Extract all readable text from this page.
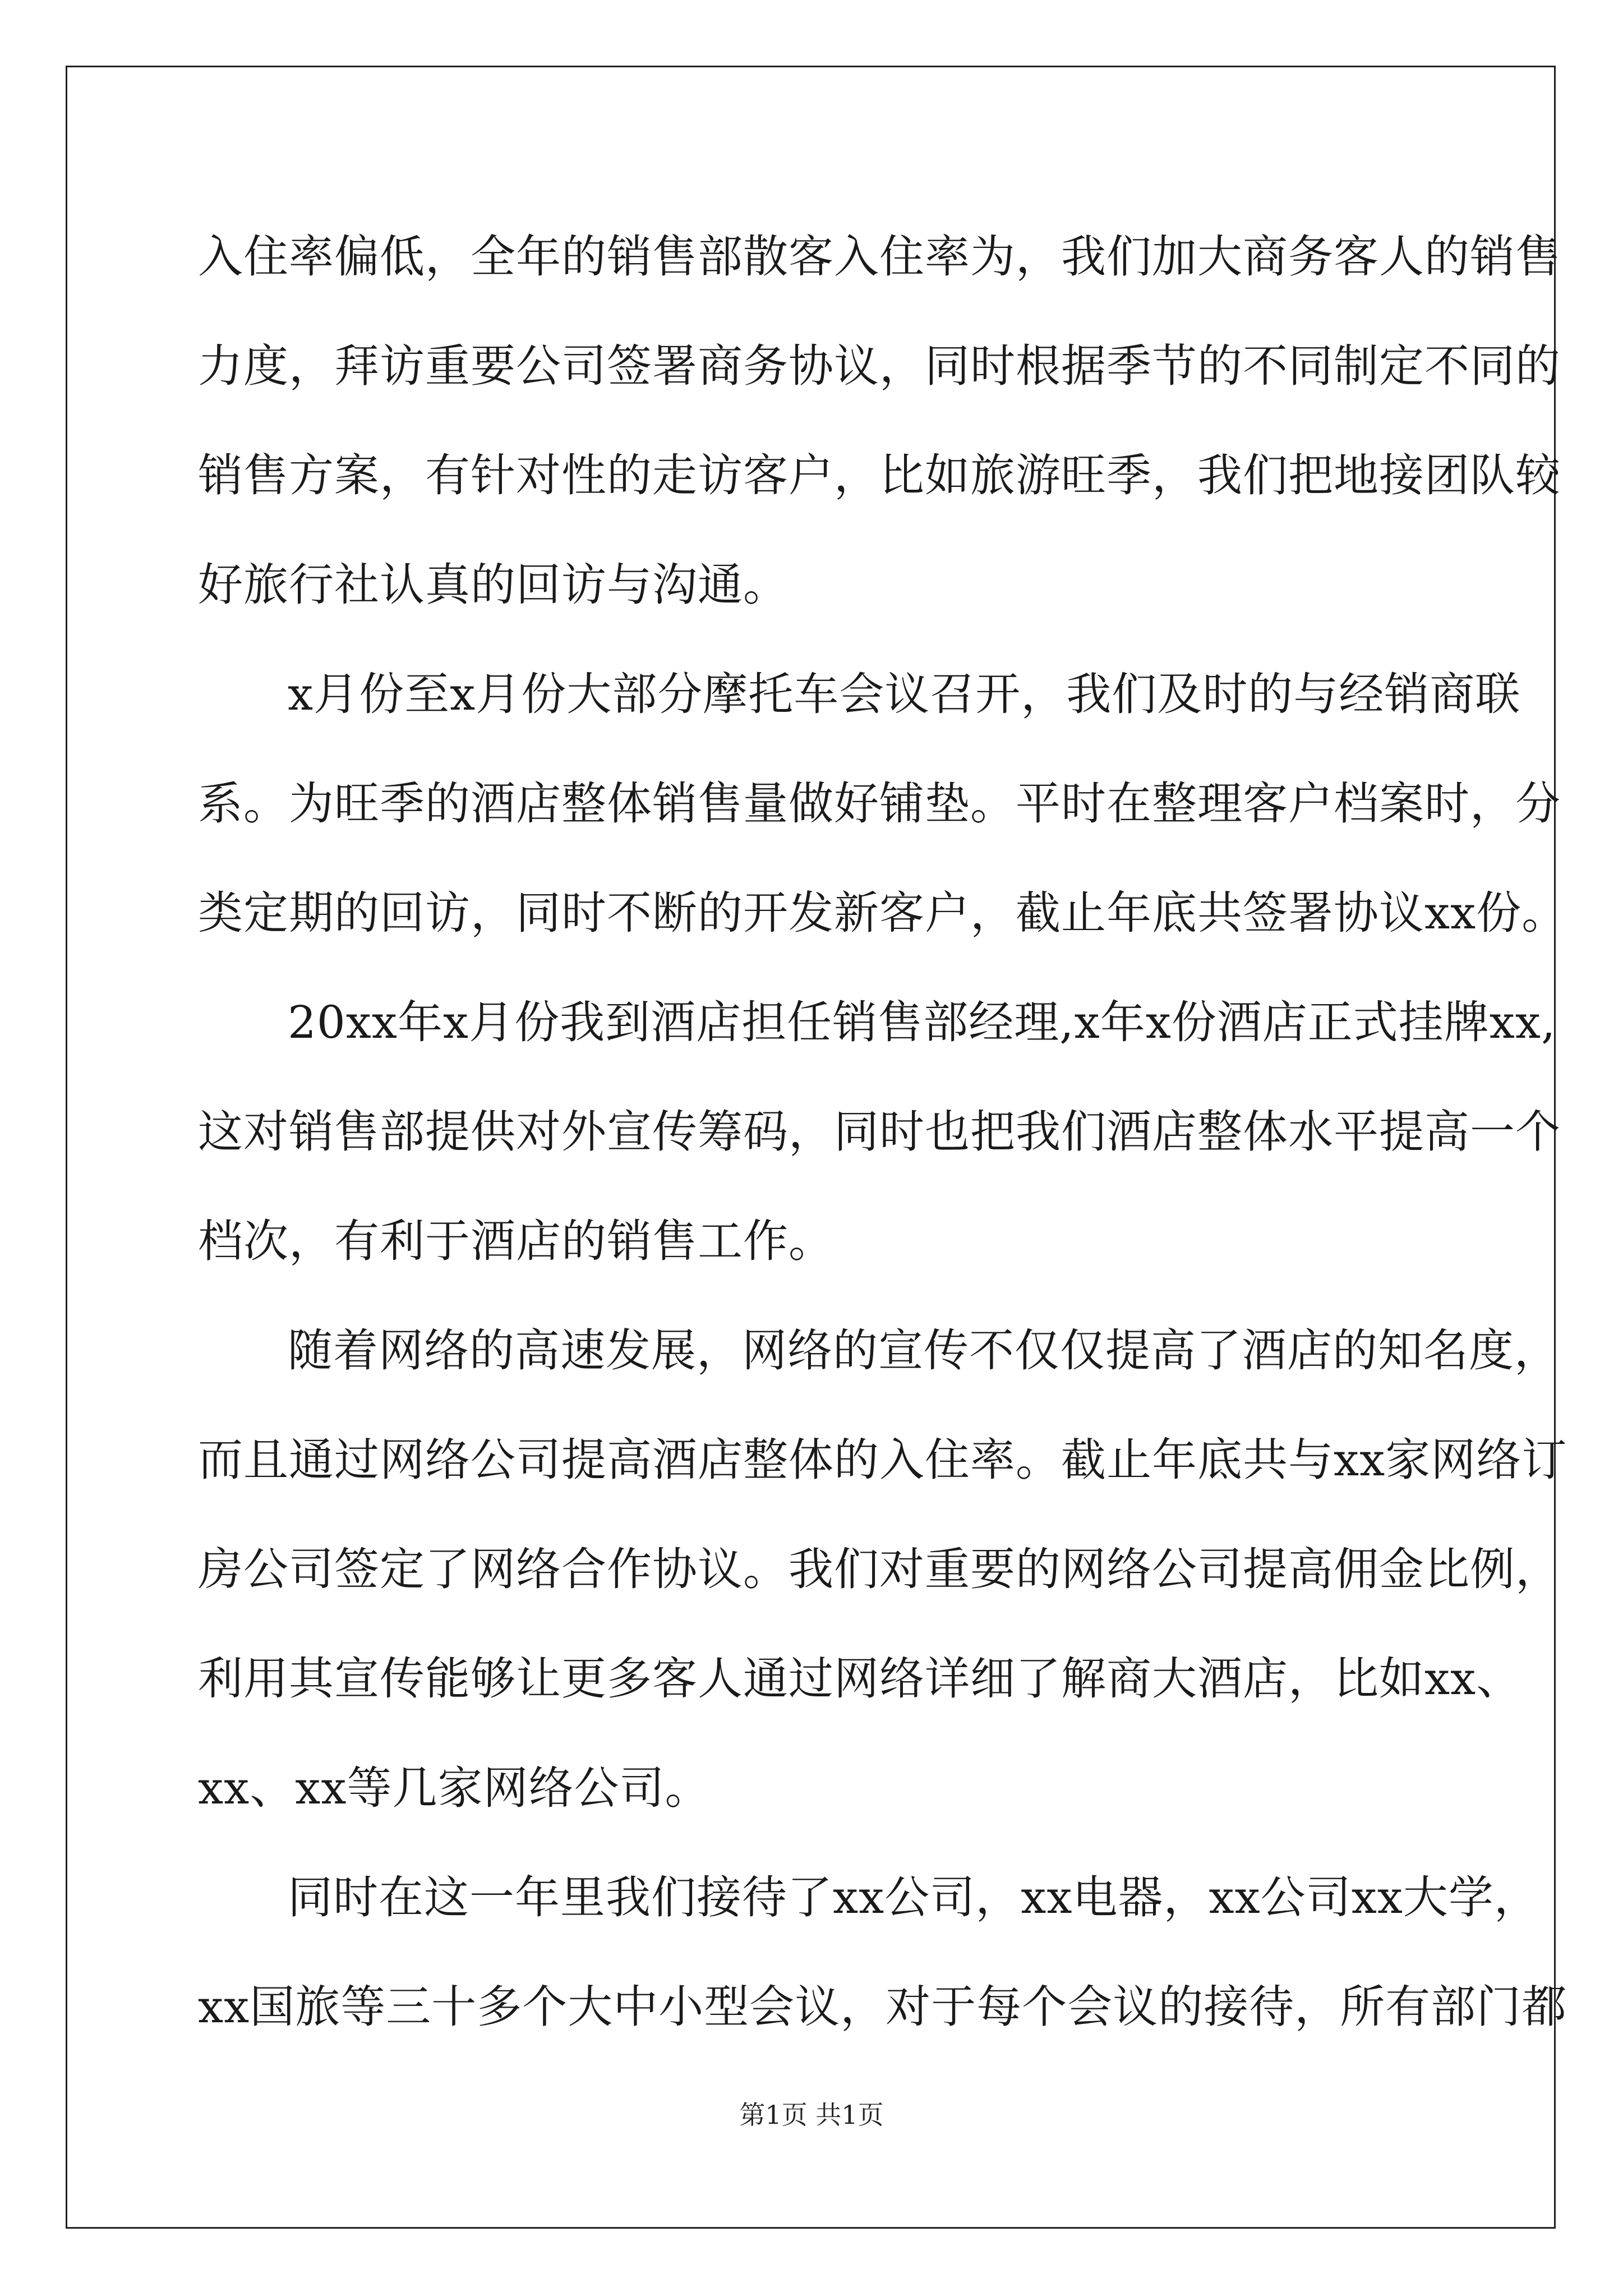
入住率偏低，全年的销售部散客入住率为，我们加大商务客人的销售
力度，拜访重要公司签署商务协议，同时根据季节的不同制定不同的
销售方案，有针对性的走访客户，比如旅游旺季，我们把地接团队较
好旅行社认真的回访与沟通。
x月份至x月份大部分摩托车会议召开，我们及时的与经销商联
系。为旺季的酒店整体销售量做好铺垫。平时在整理客户档案时，分
类定期的回访，同时不断的开发新客户，截止年底共签署协议xx份。
20xx年x月份我到酒店担任销售部经理,x年x份酒店正式挂牌xx,
这对销售部提供对外宣传筹码，同时也把我们酒店整体水平提高一个
档次，有利于酒店的销售工作。
随着网络的高速发展，网络的宣传不仅仅提高了酒店的知名度，
而且通过网络公司提高酒店整体的入住率。截止年底共与xx家网络订
房公司签定了网络合作协议。我们对重要的网络公司提高佣金比例，
利用其宣传能够让更多客人通过网络详细了解商大酒店，比如xx、
xx、xx等几家网络公司。
同时在这一年里我们接待了xx公司，xx电器，xx公司xx大学，
xx国旅等三十多个大中小型会议，对于每个会议的接待，所有部门都
第1页 共1页
